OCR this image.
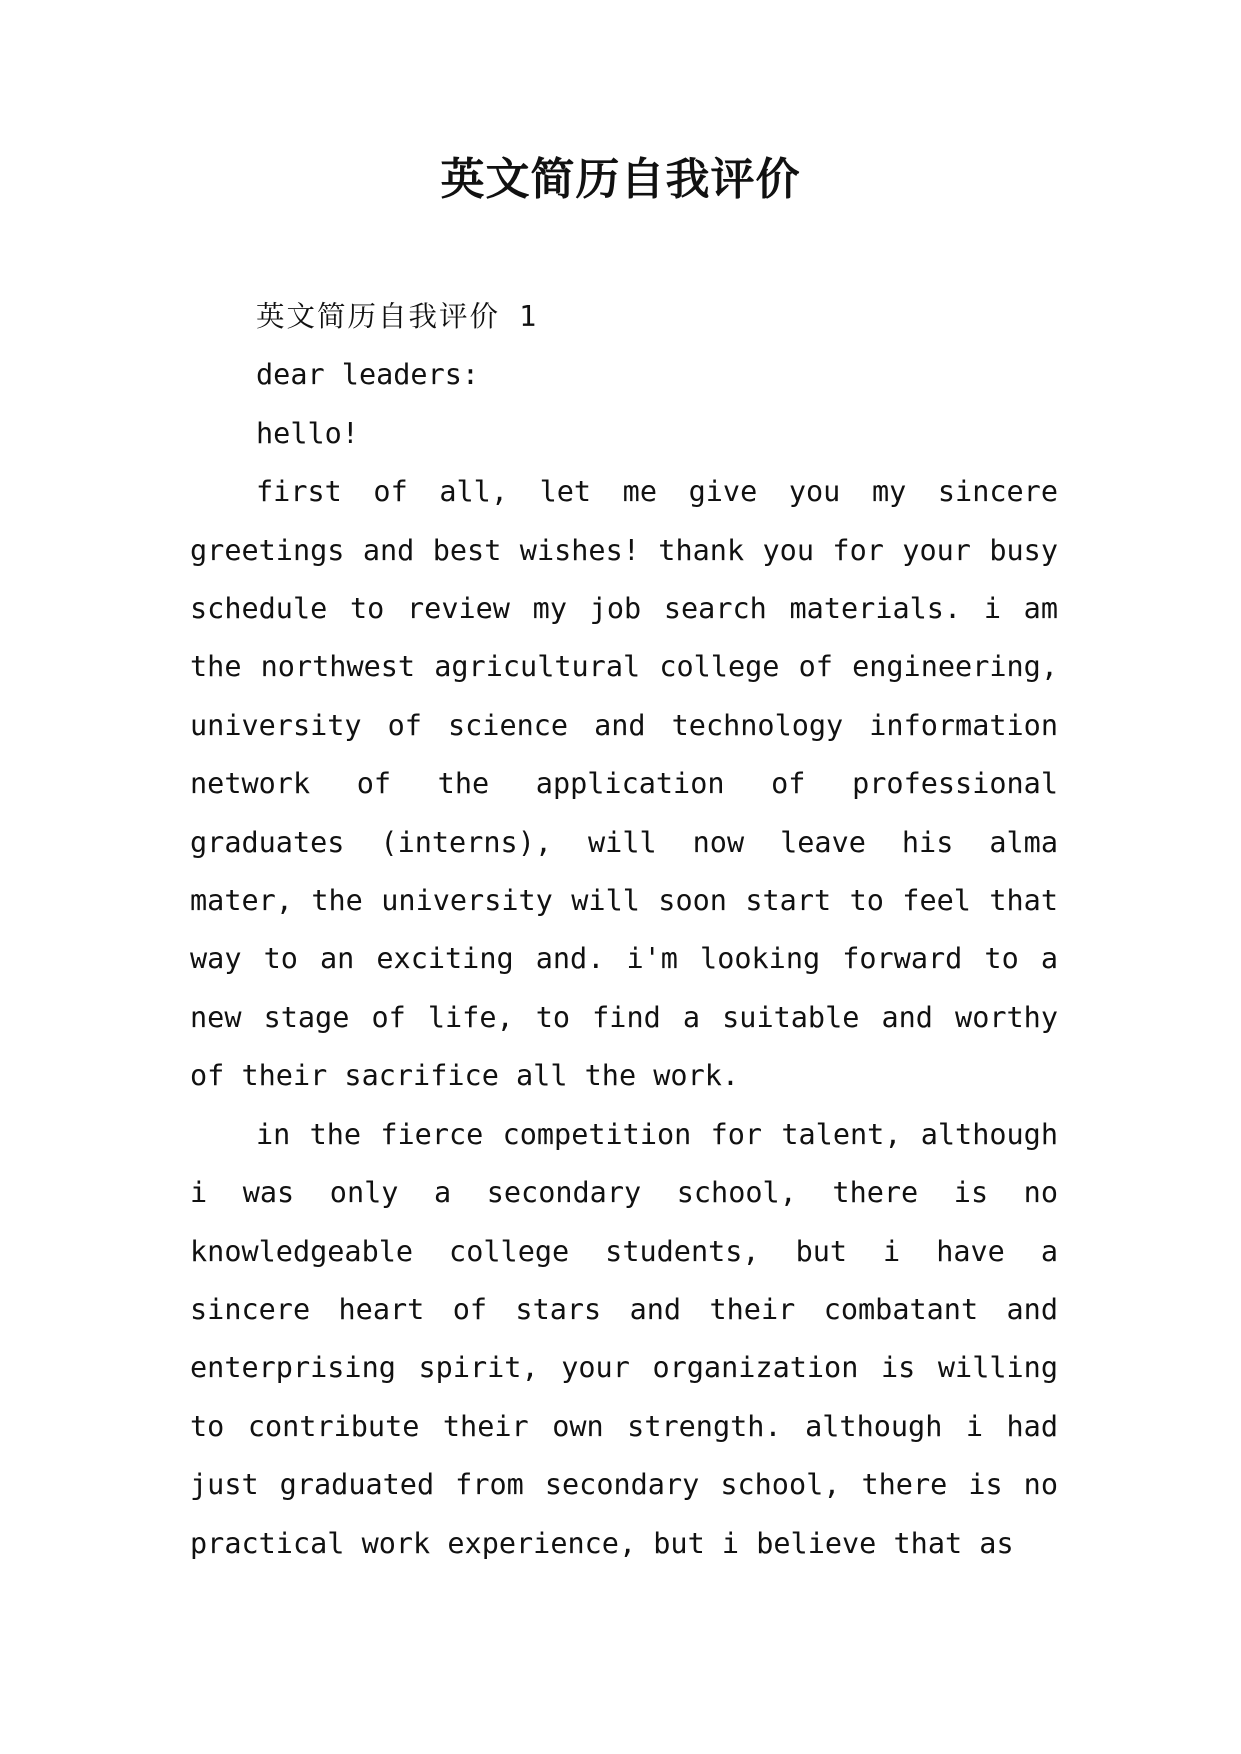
英文简历自我评价

英文简历自我评价 1

dear leaders:

hello!

first of all, let me give you my sincere greetings and best wishes! thank you for your busy schedule to review my job search materials. i am the northwest agricultural college of engineering, university of science and technology information network of the application of professional graduates (interns), will now leave his alma mater, the university will soon start to feel that way to an exciting and. i'm looking forward to a new stage of life, to find a suitable and worthy of their sacrifice all the work.

in the fierce competition for talent, although i was only a secondary school, there is no knowledgeable college students, but i have a sincere heart of stars and their combatant and enterprising spirit, your organization is willing to contribute their own strength. although i had just graduated from secondary school, there is no practical work experience, but i believe that as
